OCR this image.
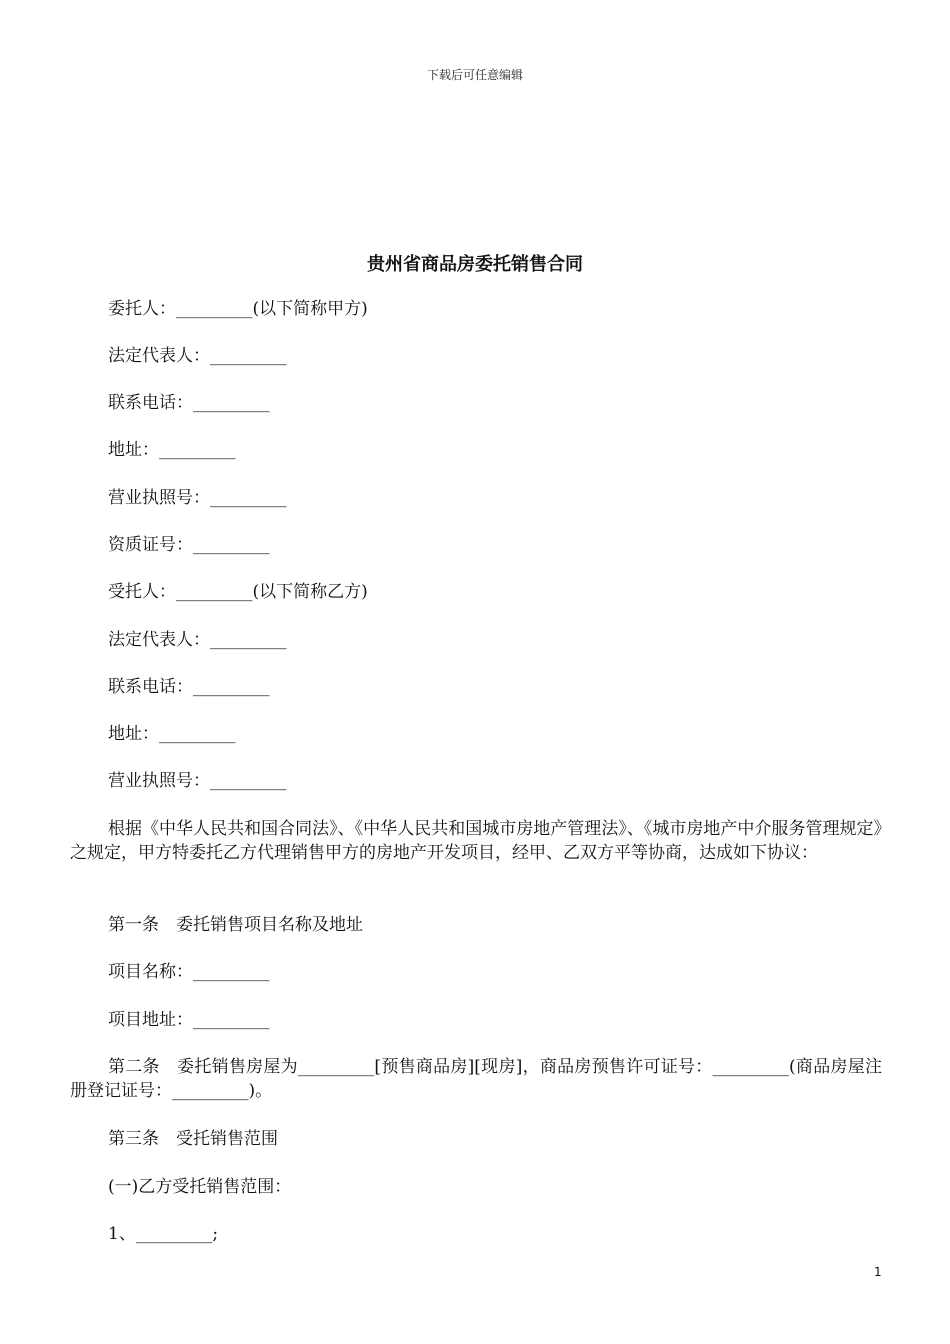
下载后可任意编辑
贵州省商品房委托销售合同
委托人：_________(以下简称甲方)
法定代表人：_________
联系电话：_________
地址：_________
营业执照号：_________
资质证号：_________
受托人：_________(以下简称乙方)
法定代表人：_________
联系电话：_________
地址：_________
营业执照号：_________
根据《中华人民共和国合同法》、《中华人民共和国城市房地产管理法》、《城市房地产中介服务管理规定》之规定，甲方特委托乙方代理销售甲方的房地产开发项目，经甲、乙双方平等协商，达成如下协议：
第一条　委托销售项目名称及地址
项目名称：_________
项目地址：_________
第二条　委托销售房屋为_________[预售商品房][现房]，商品房预售许可证号：_________(商品房屋注册登记证号：_________)。
第三条　受托销售范围
(一)乙方受托销售范围：
1、_________;
1
